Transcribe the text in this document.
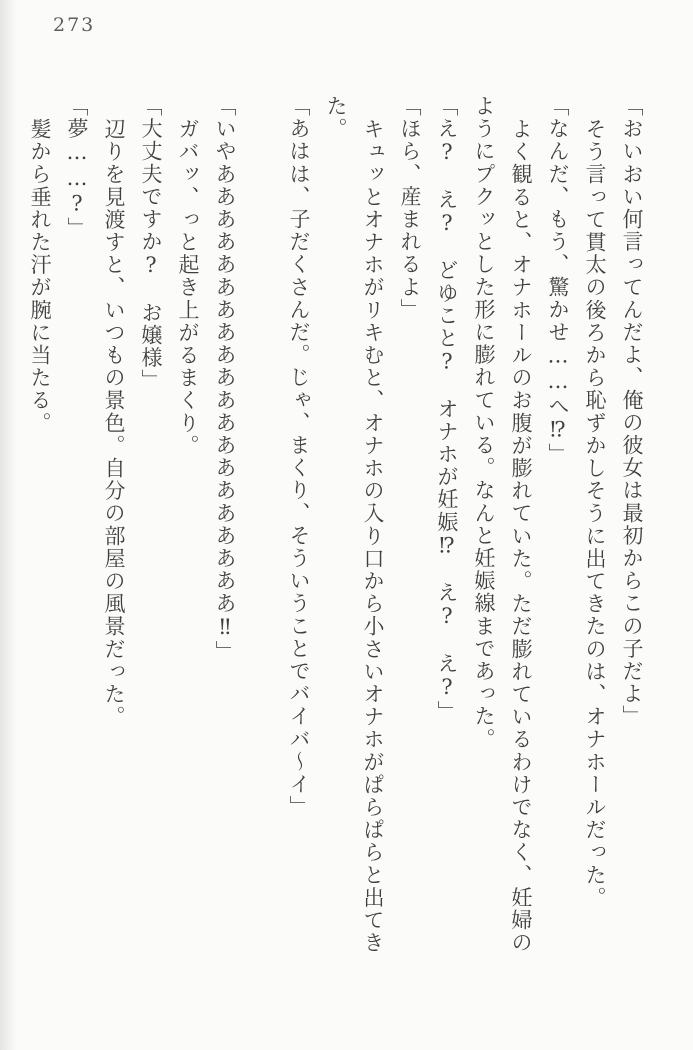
273

「おいおい何言ってんだよ、俺の彼女は最初からこの子だよ」

そう言って貫太の後ろから恥ずかしそうに出てきたのは、オナホールだった。

「なんだ、もう、驚かせ……へ⁉」

よく観ると、オナホールのお腹が膨れていた。ただ膨れているわけでなく、妊婦のようにプクッとした形に膨れている。なんと妊娠線まであった。

「え?　え?　どゆこと?　オナホが妊娠⁉　え?　え?」

「ほら、産まれるよ」

キュッとオナホがリキむと、オナホの入り口から小さいオナホがぱらぱらと出てきた。

「あはは、子だくさんだ。じゃ、まくり、そういうことでバイバ～イ」

「いやああああああああああああああああああああ‼」

ガバッ、っと起き上がるまくり。

「大丈夫ですか?　お嬢様」

辺りを見渡すと、いつもの景色。自分の部屋の風景だった。

「夢……?」

髪から垂れた汗が腕に当たる。
